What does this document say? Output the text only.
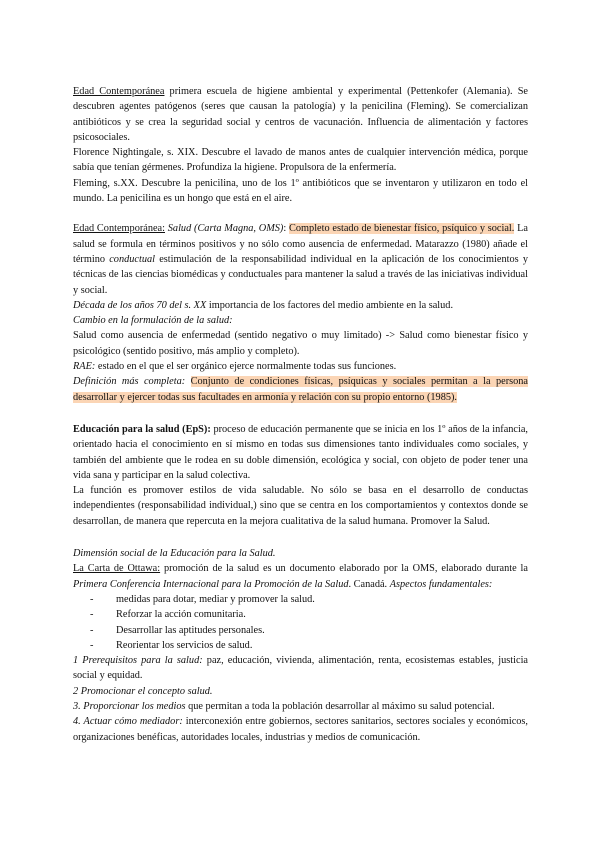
Edad Contemporánea primera escuela de higiene ambiental y experimental (Pettenkofer (Alemania). Se descubren agentes patógenos (seres que causan la patología) y la penicilina (Fleming). Se comercializan antibióticos y se crea la seguridad social y centros de vacunación. Influencia de alimentación y factores psicosociales.

Florence Nightingale, s. XIX. Descubre el lavado de manos antes de cualquier intervención médica, porque sabía que tenían gérmenes. Profundiza la higiene. Propulsora de la enfermería.

Fleming, s.XX. Descubre la penicilina, uno de los 1º antibióticos que se inventaron y utilizaron en todo el mundo. La penicilina es un hongo que está en el aire.

Edad Contemporánea: Salud (Carta Magna, OMS): Completo estado de bienestar físico, psíquico y social. La salud se formula en términos positivos y no sólo como ausencia de enfermedad. Matarazzo (1980) añade el término conductual estimulación de la responsabilidad individual en la aplicación de los conocimientos y técnicas de las ciencias biomédicas y conductuales para mantener la salud a través de las iniciativas individual y social.

Década de los años 70 del s. XX importancia de los factores del medio ambiente en la salud.

Cambio en la formulación de la salud:

Salud como ausencia de enfermedad (sentido negativo o muy limitado) -> Salud como bienestar físico y psicológico (sentido positivo, más amplio y completo).

RAE: estado en el que el ser orgánico ejerce normalmente todas sus funciones.

Definición más completa: Conjunto de condiciones físicas, psíquicas y sociales permitan a la persona desarrollar y ejercer todas sus facultades en armonía y relación con su propio entorno (1985).

Educación para la salud (EpS): proceso de educación permanente que se inicia en los 1º años de la infancia, orientado hacia el conocimiento en sí mismo en todas sus dimensiones tanto individuales como sociales, y también del ambiente que le rodea en su doble dimensión, ecológica y social, con objeto de poder tener una vida sana y participar en la salud colectiva.

La función es promover estilos de vida saludable. No sólo se basa en el desarrollo de conductas independientes (responsabilidad individual,) sino que se centra en los comportamientos y contextos donde se desarrollan, de manera que repercuta en la mejora cualitativa de la salud humana. Promover la Salud.

Dimensión social de la Educación para la Salud.

La Carta de Ottawa: promoción de la salud es un documento elaborado por la OMS, elaborado durante la Primera Conferencia Internacional para la Promoción de la Salud. Canadá. Aspectos fundamentales:

- medidas para dotar, mediar y promover la salud.
- Reforzar la acción comunitaria.
- Desarrollar las aptitudes personales.
- Reorientar los servicios de salud.

1 Prerequisitos para la salud: paz, educación, vivienda, alimentación, renta, ecosistemas estables, justicia social y equidad.

2 Promocionar el concepto salud.

3. Proporcionar los medios que permitan a toda la población desarrollar al máximo su salud potencial.

4. Actuar cómo mediador: interconexión entre gobiernos, sectores sanitarios, sectores sociales y económicos, organizaciones benéficas, autoridades locales, industrias y medios de comunicación.
